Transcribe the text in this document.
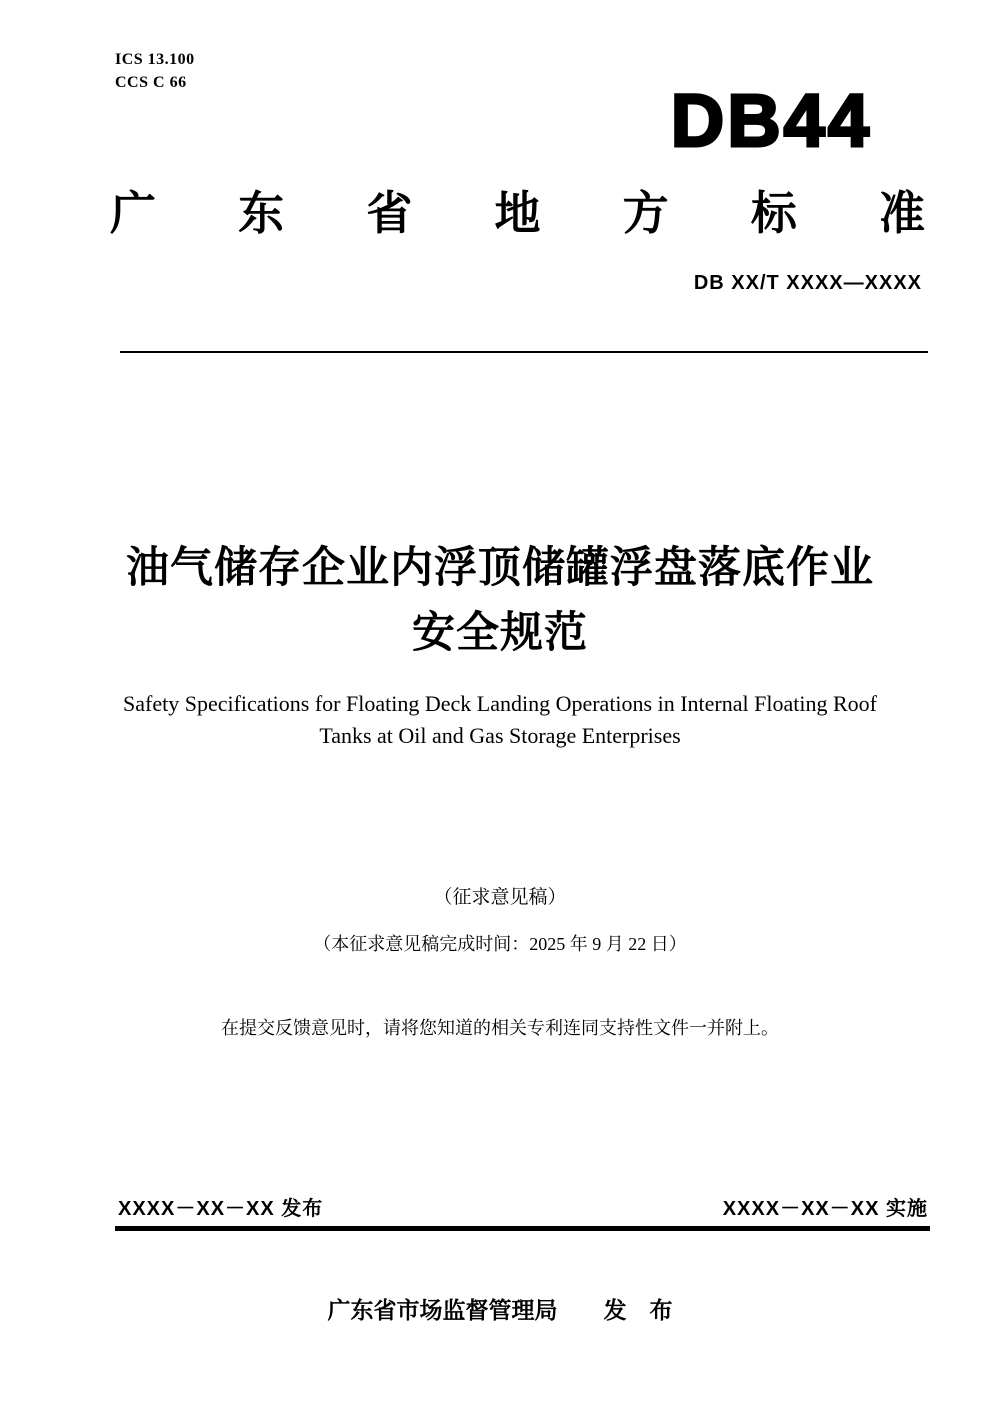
ICS 13.100
CCS C 66	DB44
广　东　省　地　方　标　准
DB XX/T XXXX—XXXX
油气储存企业内浮顶储罐浮盘落底作业
安全规范
Safety Specifications for Floating Deck Landing Operations in Internal Floating Roof
Tanks at Oil and Gas Storage Enterprises
（征求意见稿）
（本征求意见稿完成时间：2025 年 9 月 22 日）
在提交反馈意见时，请将您知道的相关专利连同支持性文件一并附上。
XXXX－XX－XX 发布	XXXX－XX－XX 实施
广东省市场监督管理局 发　布
